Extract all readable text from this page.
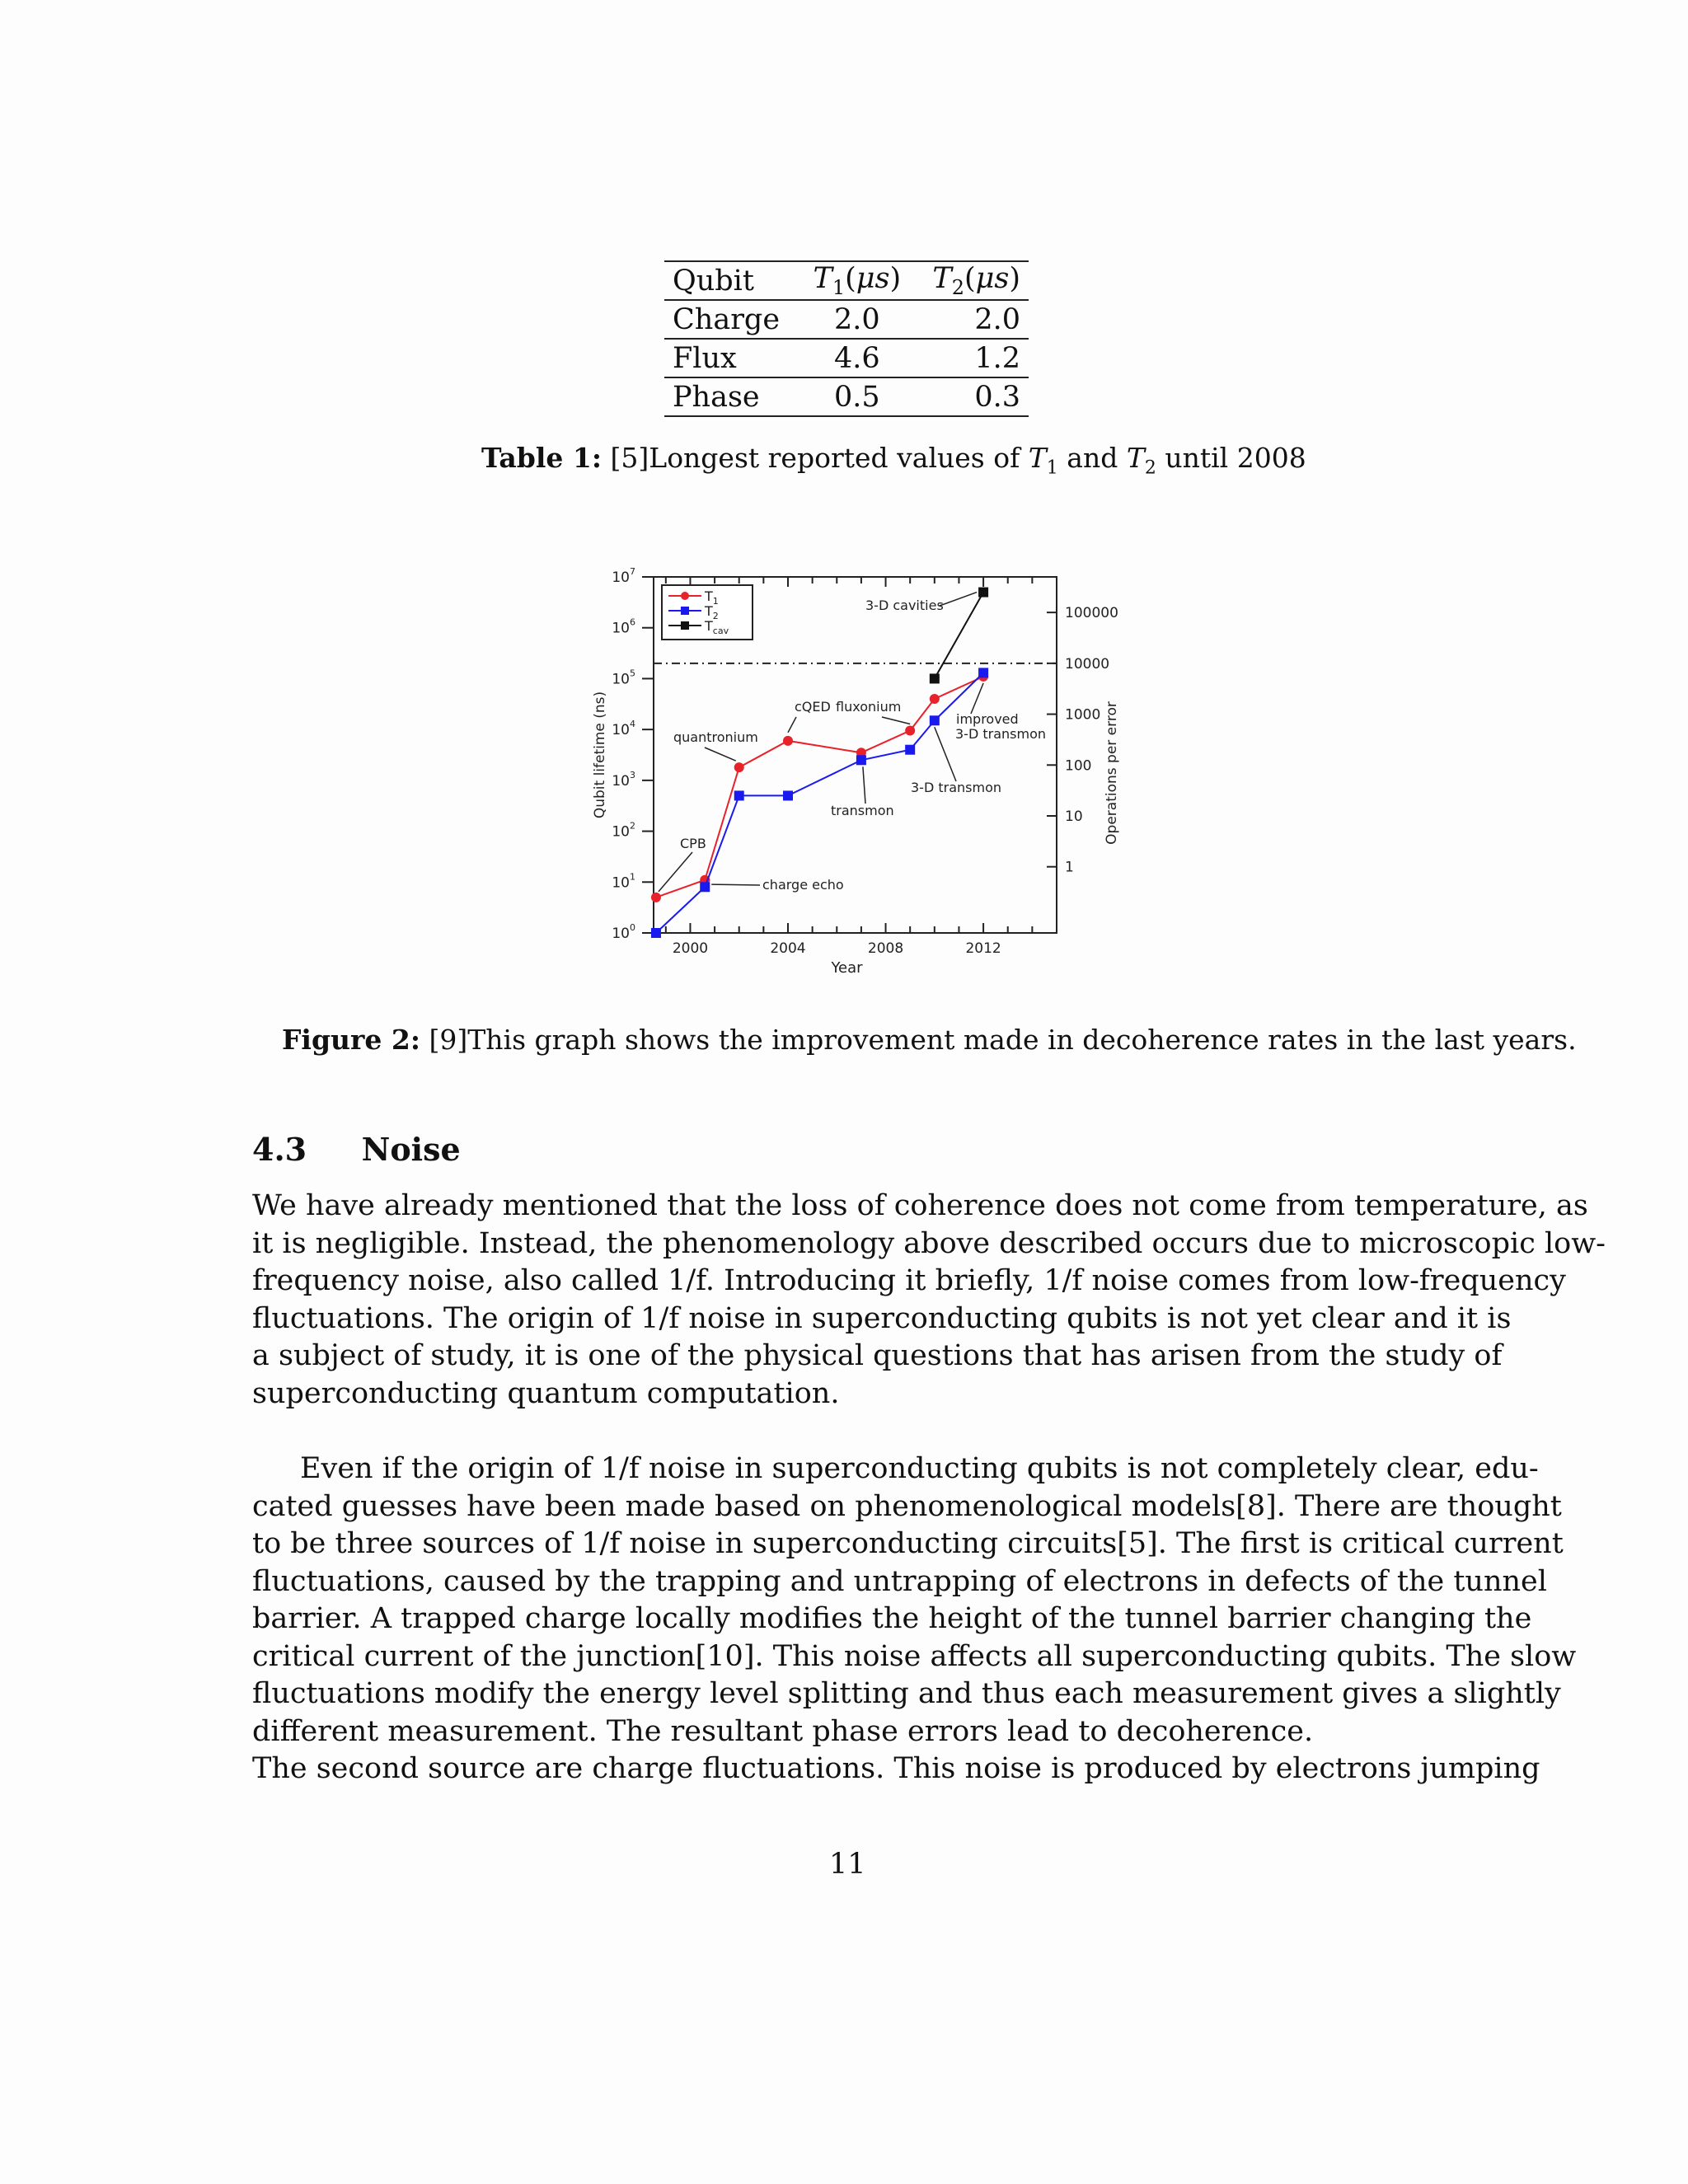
Qubit	$T_1(\mu s)$	$T_2(\mu s)$
Charge	2.0	2.0
Flux	4.6	1.2
Phase	0.5	0.3
Table 1: [5]Longest reported values of $T_1$ and $T_2$ until 2008
$10^0$
$10^1$
$10^2$
$10^3$
$10^4$
$10^5$
$10^6$
$10^7$
1
10
100
1000
10000
100000
2000	2004	2008	2012
Year
Qubit lifetime (ns)	Operations per error
$T_1$
$T_2$
$T_{cav}$
3-D cavities
cQED fluxonium
quantronium
improved
3-D transmon
3-D transmon
transmon
CPB
charge echo
Figure 2: [9]This graph shows the improvement made in decoherence rates in the last years.
4.3 Noise
We have already mentioned that the loss of coherence does not come from temperature, as
it is negligible. Instead, the phenomenology above described occurs due to microscopic low-
frequency noise, also called 1/f. Introducing it briefly, 1/f noise comes from low-frequency
fluctuations. The origin of 1/f noise in superconducting qubits is not yet clear and it is
a subject of study, it is one of the physical questions that has arisen from the study of
superconducting quantum computation.
Even if the origin of 1/f noise in superconducting qubits is not completely clear, edu-
cated guesses have been made based on phenomenological models[8]. There are thought
to be three sources of 1/f noise in superconducting circuits[5]. The first is critical current
fluctuations, caused by the trapping and untrapping of electrons in defects of the tunnel
barrier. A trapped charge locally modifies the height of the tunnel barrier changing the
critical current of the junction[10]. This noise affects all superconducting qubits. The slow
fluctuations modify the energy level splitting and thus each measurement gives a slightly
different measurement. The resultant phase errors lead to decoherence.
The second source are charge fluctuations. This noise is produced by electrons jumping
11
